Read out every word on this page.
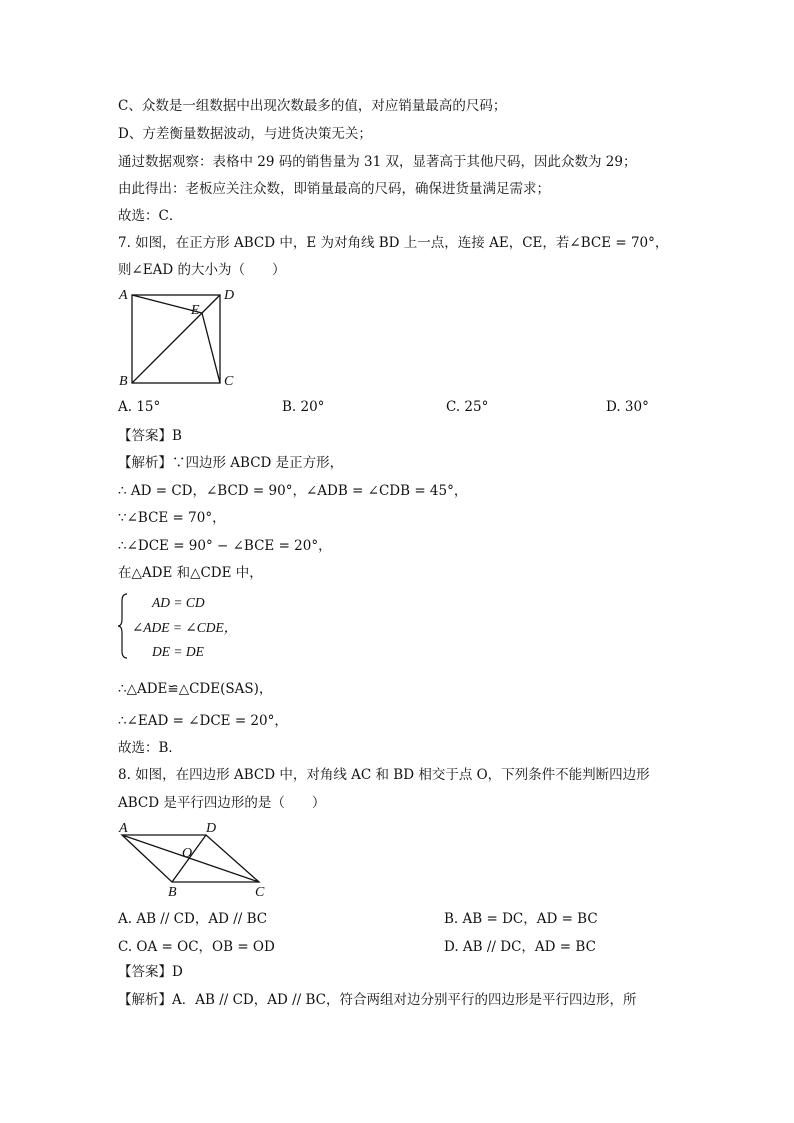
C、众数是一组数据中出现次数最多的值，对应销量最高的尺码；
D、方差衡量数据波动，与进货决策无关；
通过数据观察：表格中 29 码的销售量为 31 双，显著高于其他尺码，因此众数为 29；
由此得出：老板应关注众数，即销量最高的尺码，确保进货量满足需求；
故选：C．
7. 如图，在正方形 ABCD 中，E 为对角线 BD 上一点，连接 AE，CE，若∠BCE = 70°，
则∠EAD 的大小为（　　）
A	D
B	C
E
A. 15°	B. 20°	C. 25°	D. 30°
【答案】B
【解析】∵四边形 ABCD 是正方形，
∴ AD = CD，∠BCD = 90°，∠ADB = ∠CDB = 45°，
∵∠BCE = 70°，
∴∠DCE = 90° − ∠BCE = 20°，
在△ADE 和△CDE 中，
AD = CD
∠ADE = ∠CDE，
DE = DE
∴△ADE≌△CDE(SAS)，
∴∠EAD = ∠DCE = 20°，
故选：B．
8. 如图，在四边形 ABCD 中，对角线 AC 和 BD 相交于点 O，下列条件不能判断四边形
ABCD 是平行四边形的是（　　）
A	D
B	C
O
A. AB // CD，AD // BC	B. AB = DC，AD = BC
C. OA = OC，OB = OD	D. AB // DC，AD = BC
【答案】D
【解析】A．AB // CD，AD // BC，符合两组对边分别平行的四边形是平行四边形，所
